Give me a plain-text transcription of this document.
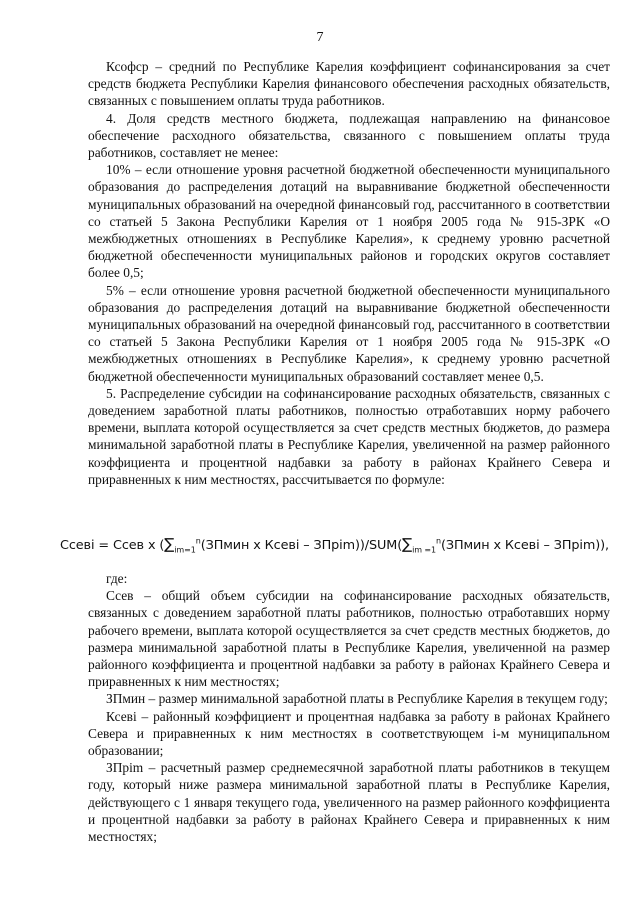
7

Ксофср – средний по Республике Карелия коэффициент софинансирования за счет средств бюджета Республики Карелия финансового обеспечения расходных обязательств, связанных с повышением оплаты труда работников.

4. Доля средств местного бюджета, подлежащая направлению на финансовое обеспечение расходного обязательства, связанного с повышением оплаты труда работников, составляет не менее:

10% – если отношение уровня расчетной бюджетной обеспеченности муниципального образования до распределения дотаций на выравнивание бюджетной обеспеченности муниципальных образований на очередной финансовый год, рассчитанного в соответствии со статьей 5 Закона Республики Карелия от 1 ноября 2005 года № 915-ЗРК «О межбюджетных отношениях в Республике Карелия», к среднему уровню расчетной бюджетной обеспеченности муниципальных районов и городских округов составляет более 0,5;

5% – если отношение уровня расчетной бюджетной обеспеченности муниципального образования до распределения дотаций на выравнивание бюджетной обеспеченности муниципальных образований на очередной финансовый год, рассчитанного в соответствии со статьей 5 Закона Республики Карелия от 1 ноября 2005 года № 915-ЗРК «О межбюджетных отношениях в Республике Карелия», к среднему уровню расчетной бюджетной обеспеченности муниципальных образований составляет менее 0,5.

5. Распределение субсидии на софинансирование расходных обязательств, связанных с доведением заработной платы работников, полностью отработавших норму рабочего времени, выплата которой осуществляется за счет средств местных бюджетов, до размера минимальной заработной платы в Республике Карелия, увеличенной на размер районного коэффициента и процентной надбавки за работу в районах Крайнего Севера и приравненных к ним местностях, рассчитывается по формуле:

Ссевi = Ссев х ($\sum_{im=1}^n(ЗПмин$ х Ксевi – $ЗПpim))/SUM(\sum_{im =1}^n(ЗПмин$ х Ксевi – ЗПpim)),

где:

Ссев – общий объем субсидии на софинансирование расходных обязательств, связанных с доведением заработной платы работников, полностью отработавших норму рабочего времени, выплата которой осуществляется за счет средств местных бюджетов, до размера минимальной заработной платы в Республике Карелия, увеличенной на размер районного коэффициента и процентной надбавки за работу в районах Крайнего Севера и приравненных к ним местностях;

ЗПмин – размер минимальной заработной платы в Республике Карелия в текущем году;

Ксевi – районный коэффициент и процентная надбавка за работу в районах Крайнего Севера и приравненных к ним местностях в соответствующем i-м муниципальном образовании;

ЗПpim – расчетный размер среднемесячной заработной платы работников в текущем году, который ниже размера минимальной заработной платы в Республике Карелия, действующего с 1 января текущего года, увеличенного на размер районного коэффициента и процентной надбавки за работу в районах Крайнего Севера и приравненных к ним местностях;
